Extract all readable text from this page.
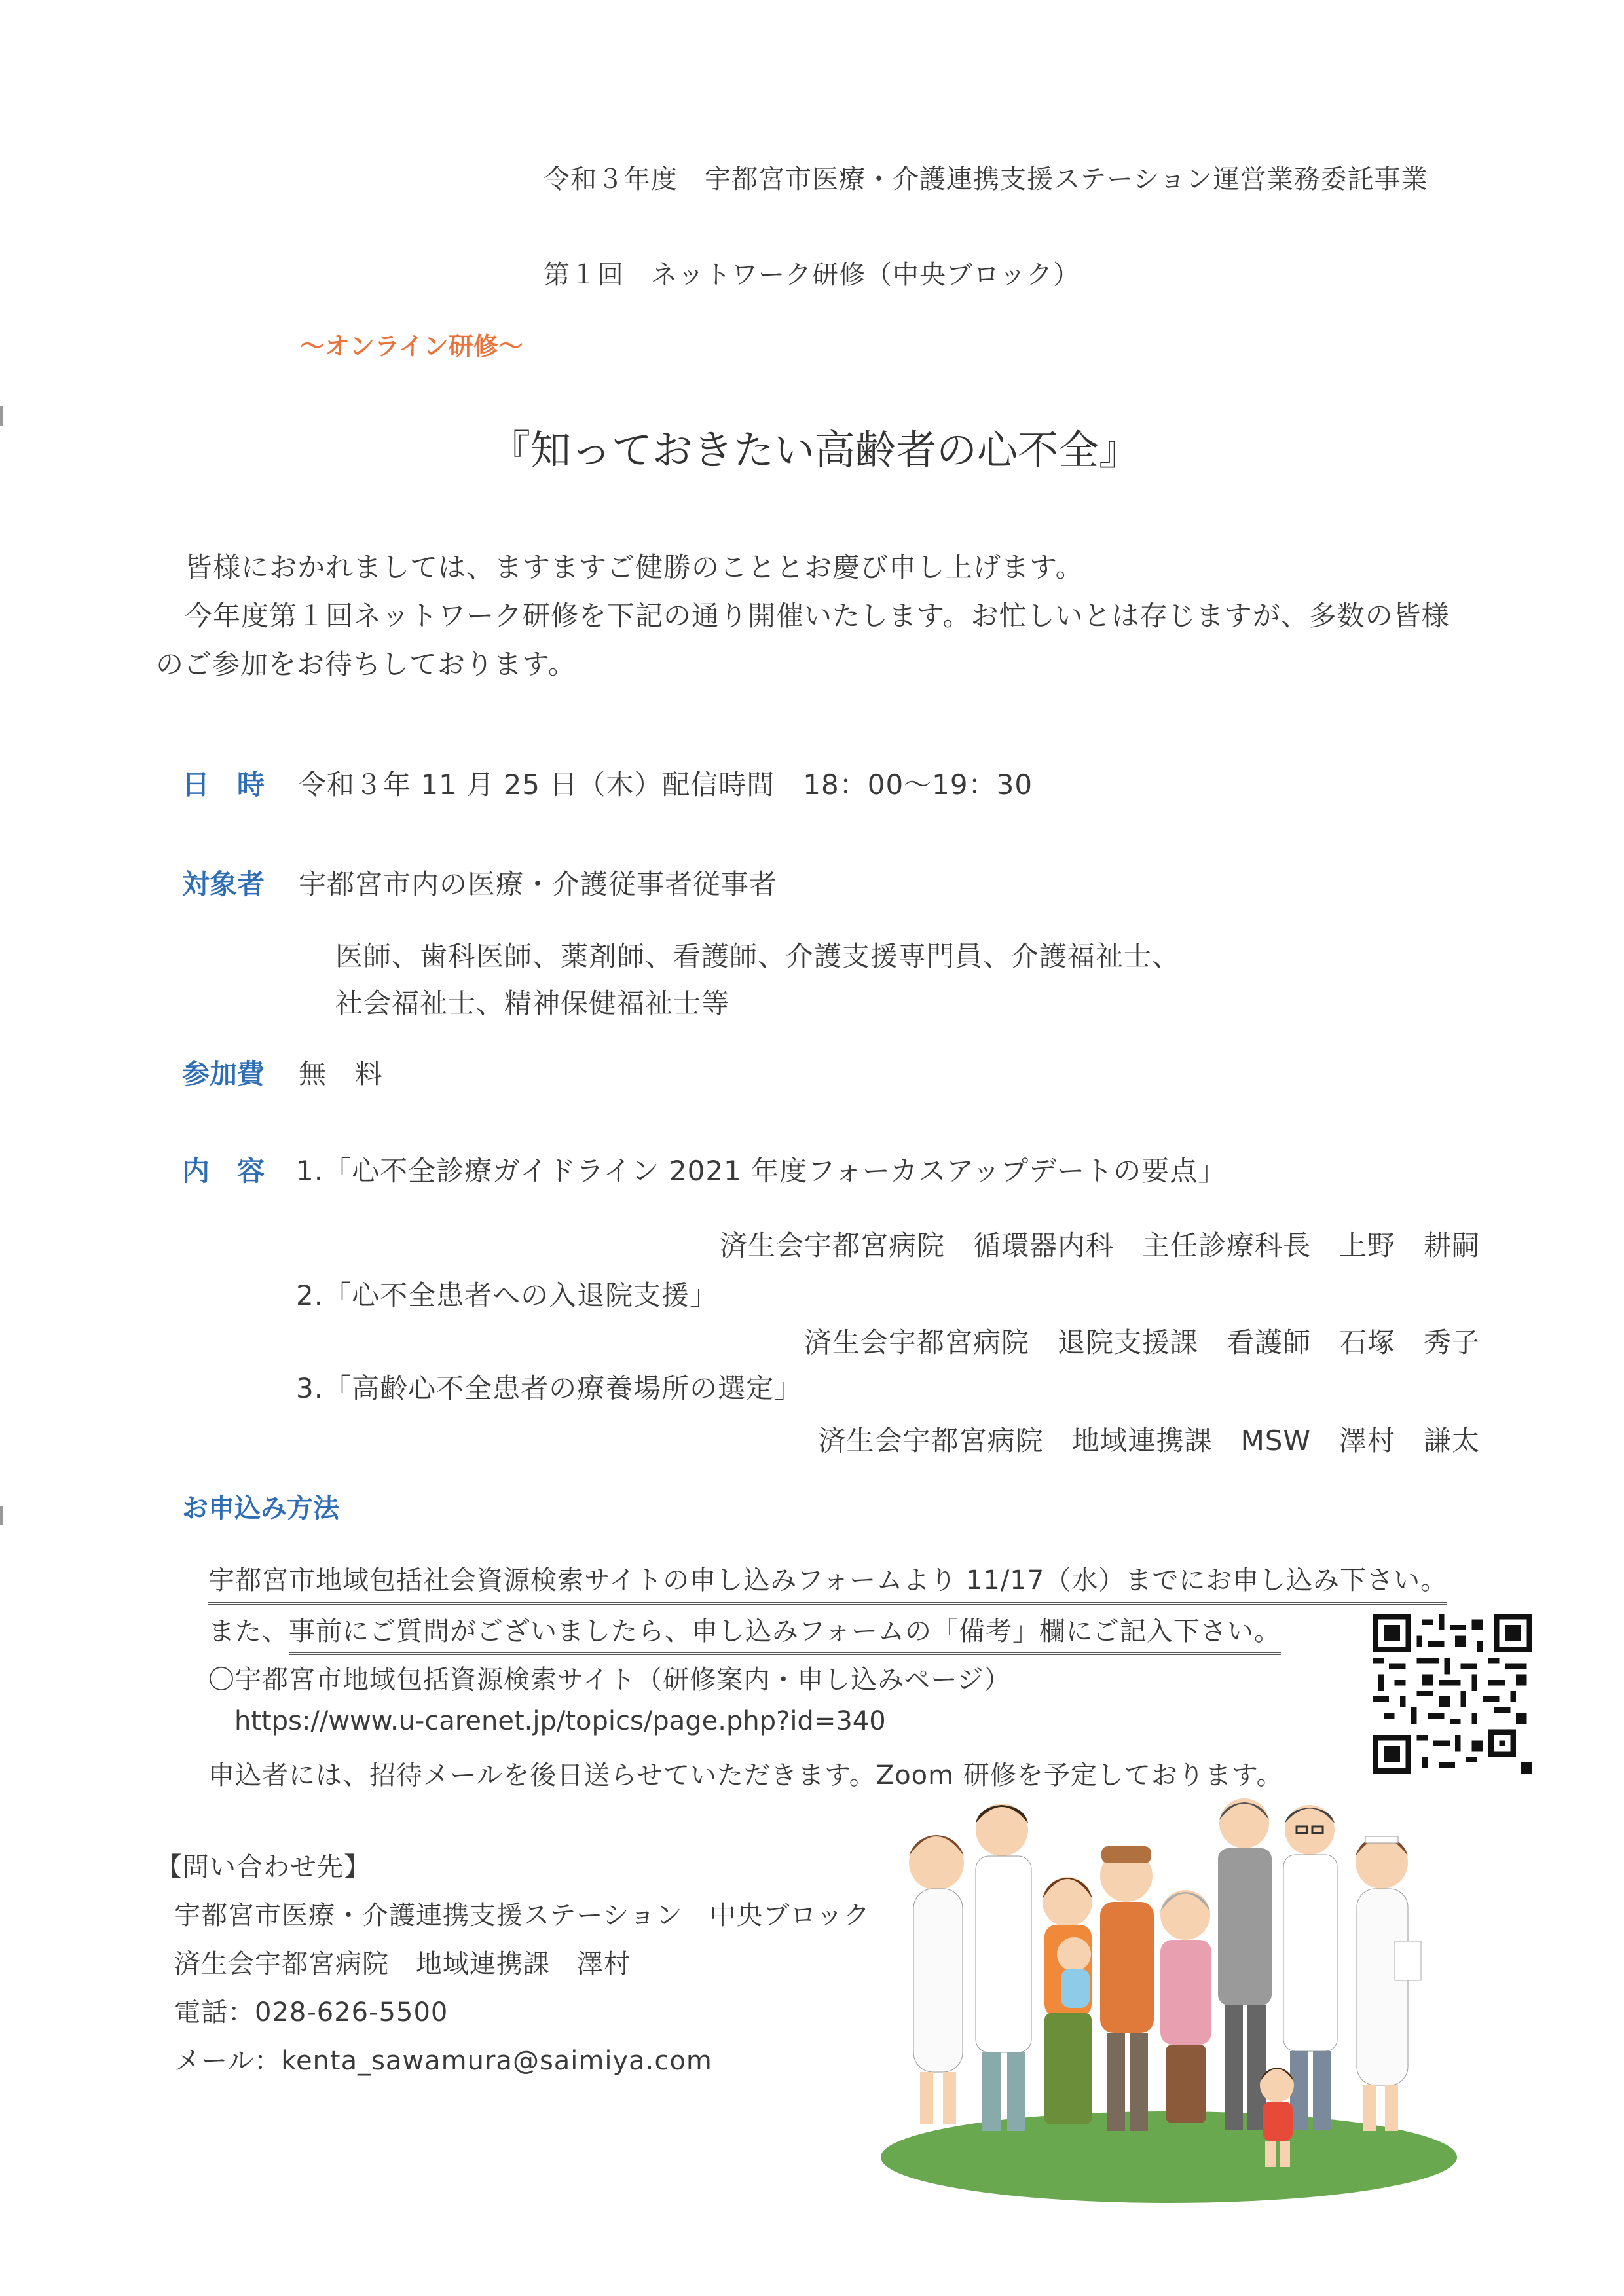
令和３年度　宇都宮市医療・介護連携支援ステーション運営業務委託事業
第１回　ネットワーク研修（中央ブロック）
～オンライン研修～
『知っておきたい高齢者の心不全』
皆様におかれましては、ますますご健勝のこととお慶び申し上げます。
今年度第１回ネットワーク研修を下記の通り開催いたします。お忙しいとは存じますが、多数の皆様
のご参加をお待ちしております。
日　時 令和３年 11 月 25 日（木）配信時間　18：00～19：30
対象者 宇都宮市内の医療・介護従事者従事者
医師、歯科医師、薬剤師、看護師、介護支援専門員、介護福祉士、
社会福祉士、精神保健福祉士等
参加費 無　料
内　容 1.「心不全診療ガイドライン 2021 年度フォーカスアップデートの要点」
済生会宇都宮病院　循環器内科　主任診療科長　上野　耕嗣
2.「心不全患者への入退院支援」
済生会宇都宮病院　退院支援課　看護師　石塚　秀子
3.「高齢心不全患者の療養場所の選定」
済生会宇都宮病院　地域連携課　MSW　澤村　謙太
お申込み方法
宇都宮市地域包括社会資源検索サイトの申し込みフォームより 11/17（水）までにお申し込み下さい。
また、事前にご質問がございましたら、申し込みフォームの「備考」欄にご記入下さい。
〇宇都宮市地域包括資源検索サイト（研修案内・申し込みページ）
https://www.u-carenet.jp/topics/page.php?id=340
申込者には、招待メールを後日送らせていただきます。Zoom 研修を予定しております。
【問い合わせ先】
宇都宮市医療・介護連携支援ステーション　中央ブロック
済生会宇都宮病院　地域連携課　澤村
電話：028-626-5500
メール：kenta_sawamura@saimiya.com
